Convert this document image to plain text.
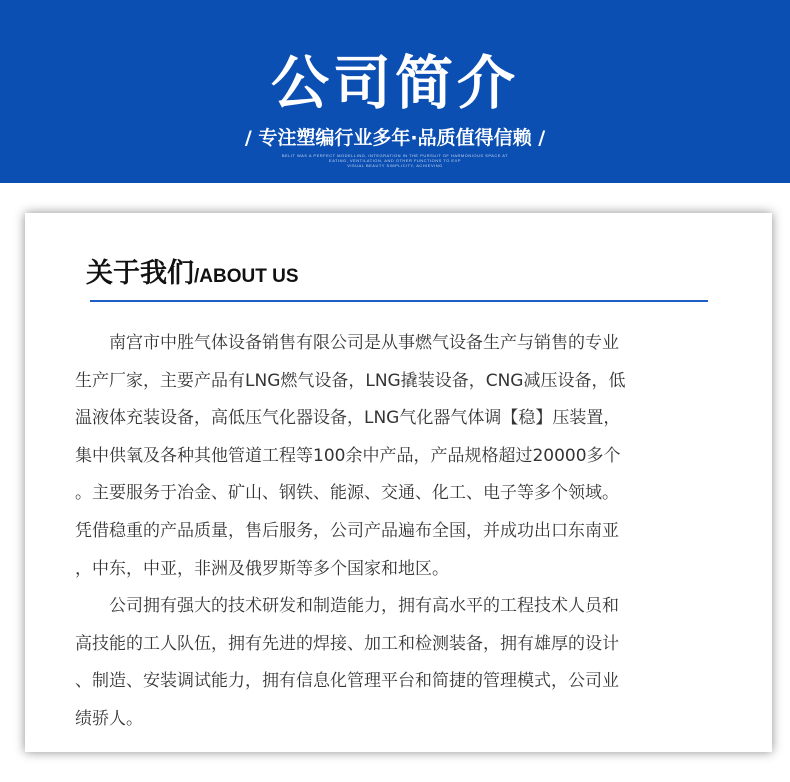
公司简介
/ 专注塑编行业多年·品质值得信赖 /
BELIT WAS A PERFECT MODELLING, INTEGRATION IN THE PURSUIT OF HARMONIOUS SPACE AT
EATING, VENTILATION, AND OTHER FUNCTIONS TO EXP
VISUAL BEAUTY SIMPLICITY, ACHIEVING
关于我们/ABOUT US
　　南宫市中胜气体设备销售有限公司是从事燃气设备生产与销售的专业
生产厂家，主要产品有LNG燃气设备，LNG撬装设备，CNG减压设备，低
温液体充装设备，高低压气化器设备，LNG气化器气体调【稳】压装置，
集中供氧及各种其他管道工程等100余中产品，产品规格超过20000多个
。主要服务于冶金、矿山、钢铁、能源、交通、化工、电子等多个领域。
凭借稳重的产品质量，售后服务，公司产品遍布全国，并成功出口东南亚
，中东，中亚，非洲及俄罗斯等多个国家和地区。
　　公司拥有强大的技术研发和制造能力，拥有高水平的工程技术人员和
高技能的工人队伍，拥有先进的焊接、加工和检测装备，拥有雄厚的设计
、制造、安装调试能力，拥有信息化管理平台和简捷的管理模式，公司业
绩骄人。
